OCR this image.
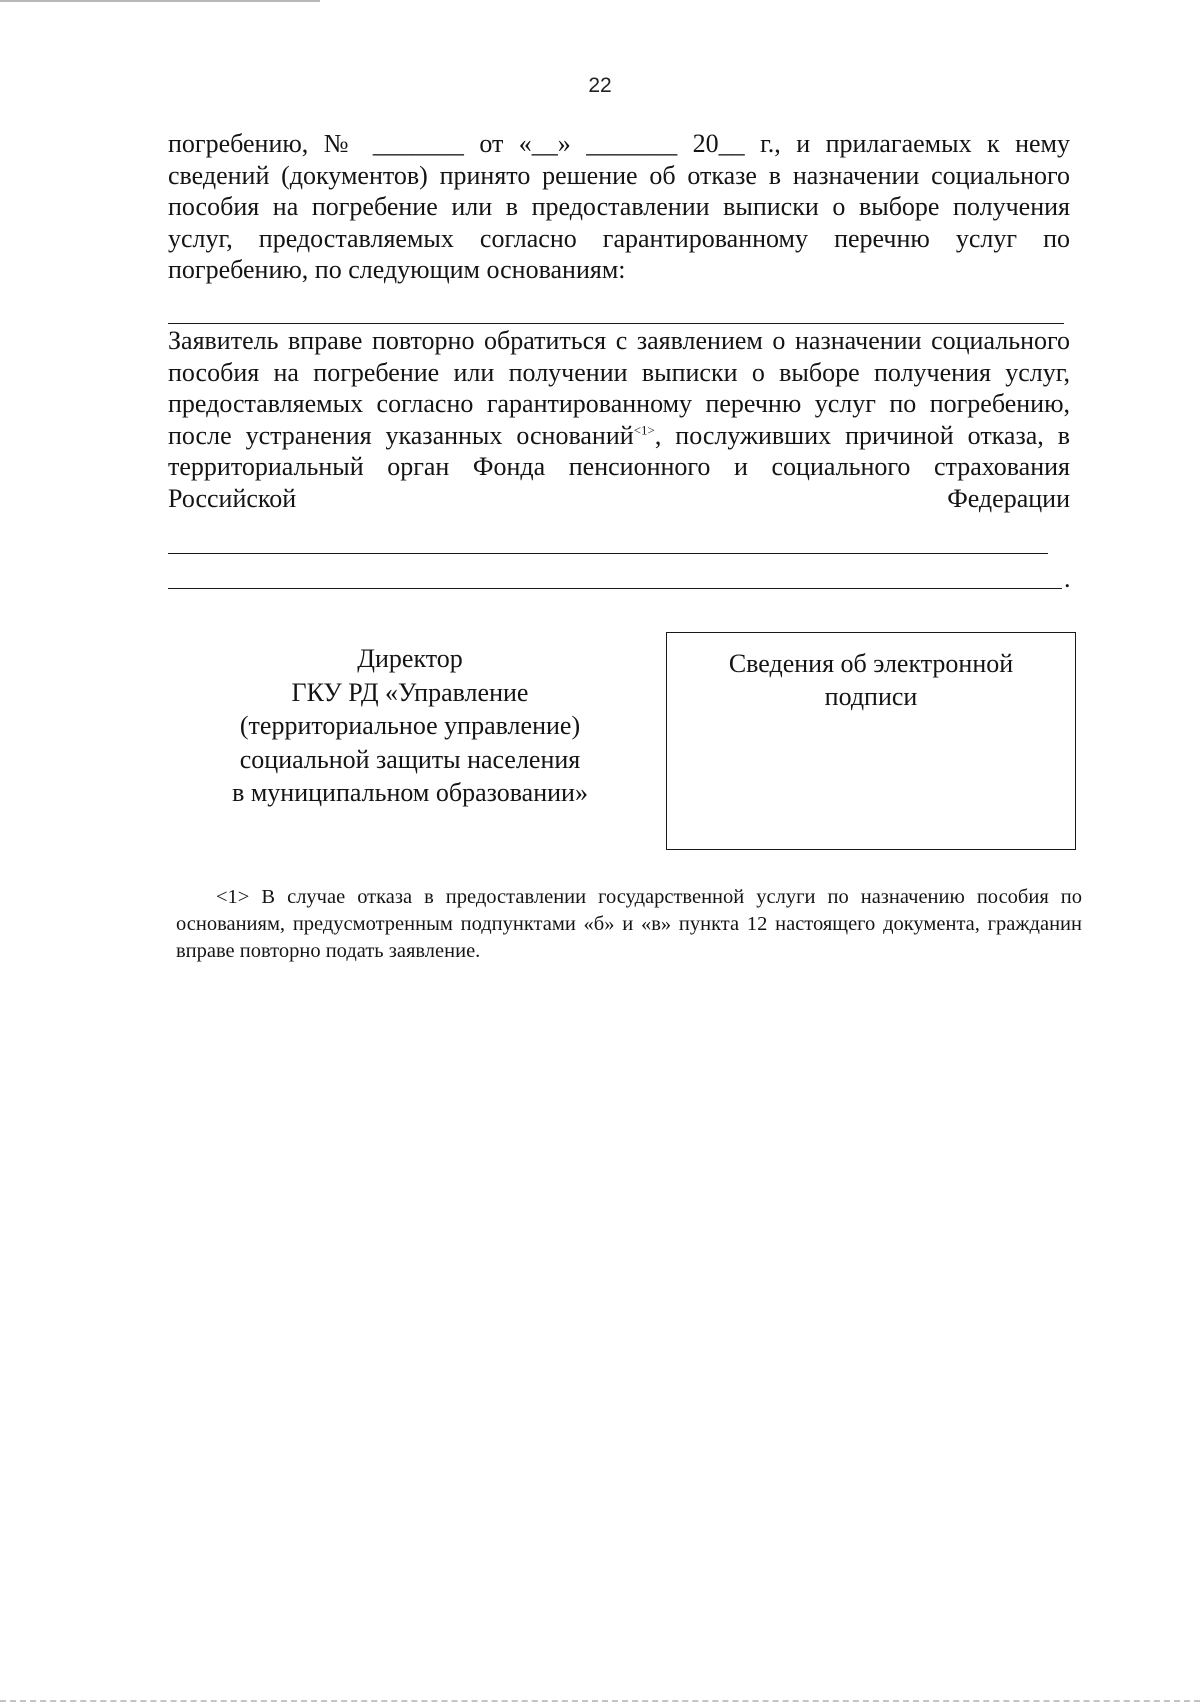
22
погребению, № _______ от «__» _______ 20__ г., и прилагаемых к нему сведений (документов) принято решение об отказе в назначении социального пособия на погребение или в предоставлении выписки о выборе получения услуг, предоставляемых согласно гарантированному перечню услуг по погребению, по следующим основаниям:
Заявитель вправе повторно обратиться с заявлением о назначении социального пособия на погребение или получении выписки о выборе получения услуг, предоставляемых согласно гарантированному перечню услуг по погребению, после устранения указанных оснований$^{<1>}$, послуживших причиной отказа, в территориальный орган Фонда пенсионного и социального страхования Российской Федерации
.
Директор
ГКУ РД «Управление
(территориальное управление)
социальной защиты населения
в муниципальном образовании»
Сведения об электронной
подписи
<1> В случае отказа в предоставлении государственной услуги по назначению пособия по основаниям, предусмотренным подпунктами «б» и «в» пункта 12 настоящего документа, гражданин вправе повторно подать заявление.
